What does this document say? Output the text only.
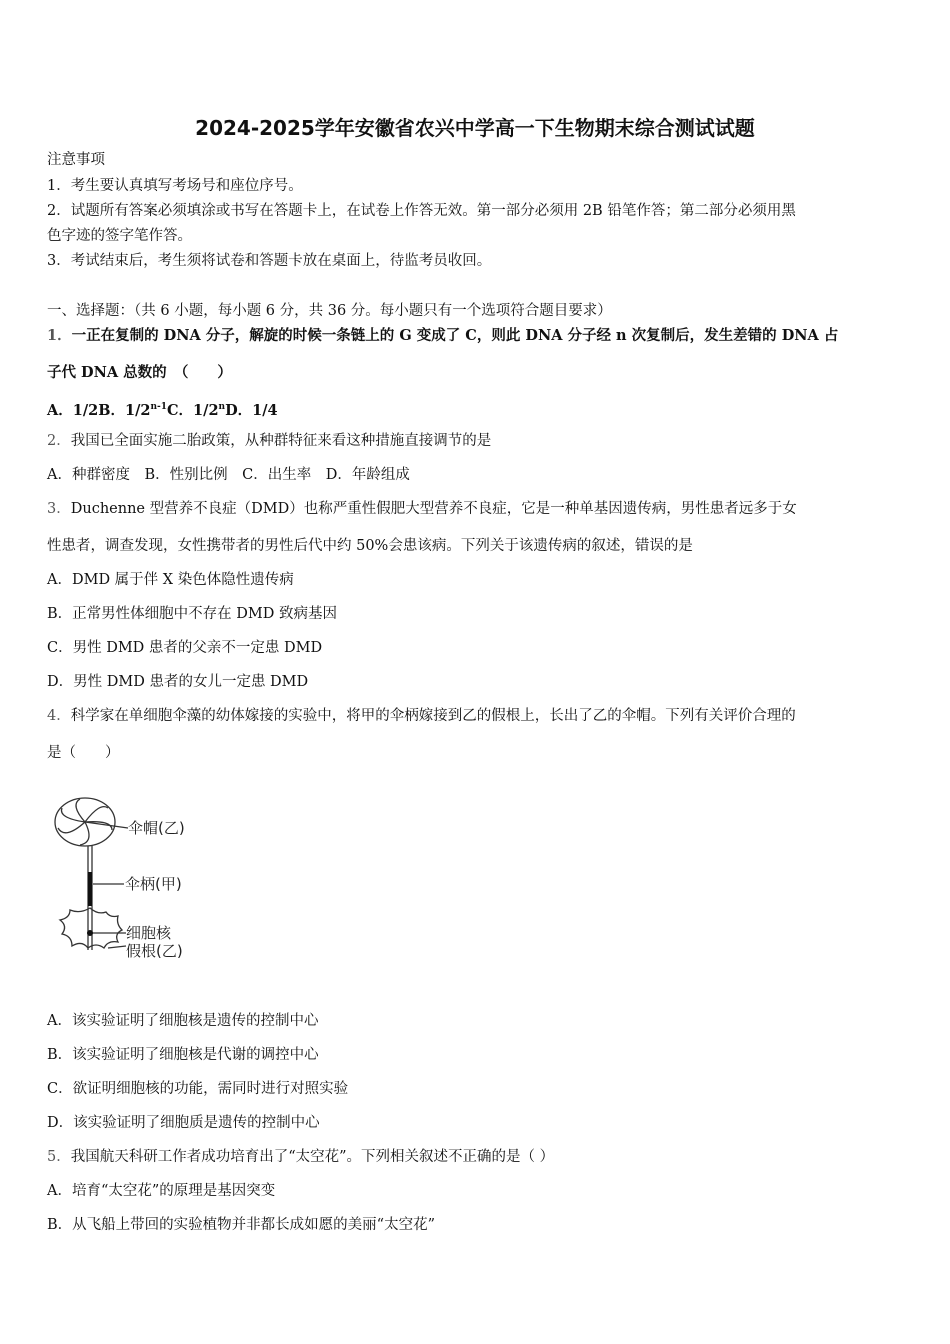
2024-2025学年安徽省农兴中学高一下生物期末综合测试试题
注意事项
1．考生要认真填写考场号和座位序号。
2．试题所有答案必须填涂或书写在答题卡上，在试卷上作答无效。第一部分必须用 2B 铅笔作答；第二部分必须用黑
色字迹的签字笔作答。
3．考试结束后，考生须将试卷和答题卡放在桌面上，待监考员收回。
一、选择题：（共 6 小题，每小题 6 分，共 36 分。每小题只有一个选项符合题目要求）
1．一正在复制的 DNA 分子，解旋的时候一条链上的 G 变成了 C，则此 DNA 分子经 n 次复制后，发生差错的 DNA 占
子代 DNA 总数的　（　　）
A．1/2B．1/2$^{n-1}$C．1/2$^n$D．1/4
2．我国已全面实施二胎政策，从种群特征来看这种措施直接调节的是
A．种群密度　B．性别比例　C．出生率　D．年龄组成
3．Duchenne 型营养不良症（DMD）也称严重性假肥大型营养不良症，它是一种单基因遗传病，男性患者远多于女
性患者，调查发现，女性携带者的男性后代中约 50%会患该病。下列关于该遗传病的叙述，错误的是
A．DMD 属于伴 X 染色体隐性遗传病
B．正常男性体细胞中不存在 DMD 致病基因
C．男性 DMD 患者的父亲不一定患 DMD
D．男性 DMD 患者的女儿一定患 DMD
4．科学家在单细胞伞藻的幼体嫁接的实验中，将甲的伞柄嫁接到乙的假根上，长出了乙的伞帽。下列有关评价合理的
是（　　）
伞帽(乙)
伞柄(甲)
细胞核
假根(乙)
A．该实验证明了细胞核是遗传的控制中心
B．该实验证明了细胞核是代谢的调控中心
C．欲证明细胞核的功能，需同时进行对照实验
D．该实验证明了细胞质是遗传的控制中心
5．我国航天科研工作者成功培育出了“太空花”。下列相关叙述不正确的是（ ）
A．培育“太空花”的原理是基因突变
B．从飞船上带回的实验植物并非都长成如愿的美丽“太空花”
